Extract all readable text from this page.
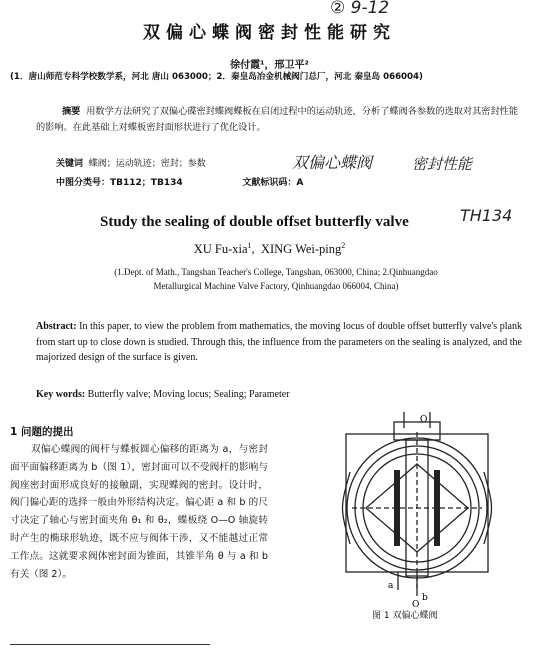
② 9-12
双偏心蝶阀密封性能研究
徐付霞¹，邢卫平²
(1．唐山师范专科学校数学系，河北 唐山 063000；2．秦皇岛冶金机械阀门总厂，河北 秦皇岛 066004)
摘要 用数学方法研究了双偏心碟密封蝶阀蝶板在启闭过程中的运动轨迹，分析了蝶阀各参数的选取对其密封性能的影响。在此基础上对蝶板密封面形状进行了优化设计。
关键词 蝶阀；运动轨迹；密封；参数	双偏心蝶阀	密封性能
中图分类号：TB112；TB134	文献标识码：A
TH134
Study the sealing of double offset butterfly valve
XU Fu-xia$^1$,  XING Wei-ping$^2$
(1.Dept. of Math., Tangshan Teacher's College, Tangshan, 063000, China; 2.Qinhuangdao
Metallurgical Machine Valve Factory, Qinhuangdao 066004, China)
Abstract: In this paper, to view the problem from mathematics, the moving locus of double offset butterfly valve's plank from start up to close down is studied. Through this, the influence from the parameters on the sealing is analyzed, and the majorized design of the surface is given.
Key words: Butterfly valve; Moving locus; Sealing; Parameter
1 问题的提出

双偏心蝶阀的阀杆与蝶板圆心偏移的距离为 a，与密封面平面偏移距离为 b（图 1），密封面可以不受阀杆的影响与阀座密封面形成良好的接触副，实现蝶阀的密封。设计时，阀门偏心距的选择一般由外形结构决定。偏心距 a 和 b 的尺寸决定了轴心与密封面夹角 θ₁ 和 θ₂，蝶板绕 O—O 轴旋转时产生的椭球形轨迹，既不应与阀体干涉，又不能越过正常工作点。这就要求阀体密封面为锥面，其锥半角 θ 与 a 和 b 有关（图 2）。

a
b
O
O
图 1 双偏心蝶阀
